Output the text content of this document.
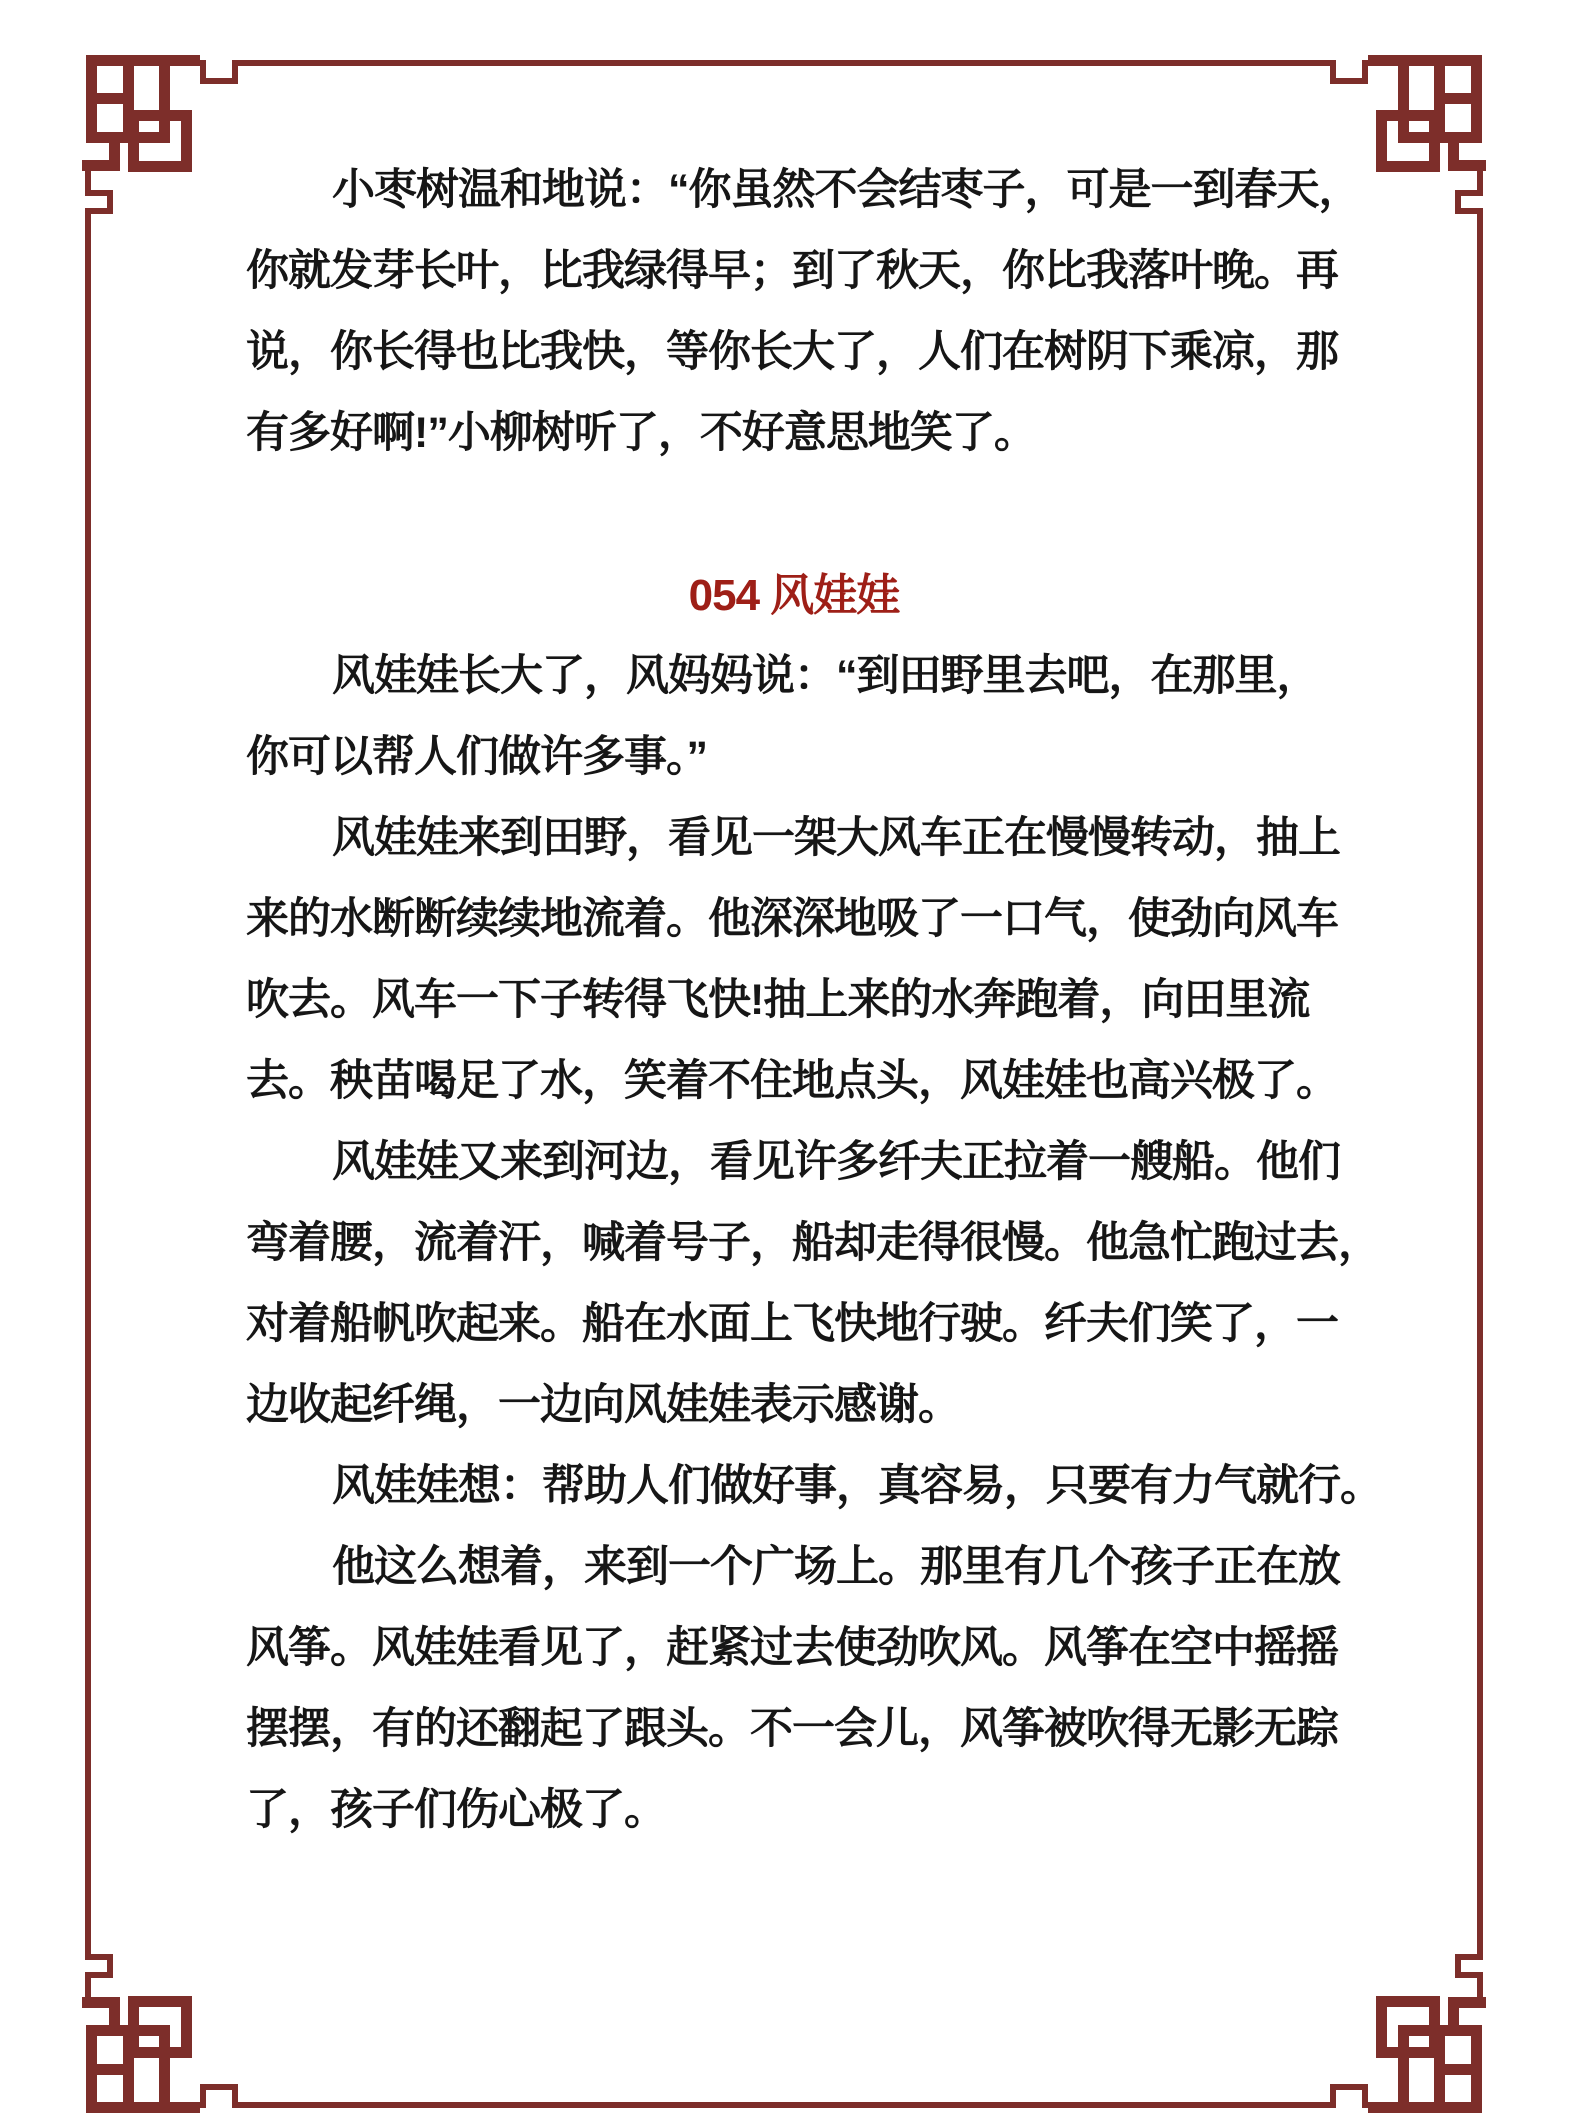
小枣树温和地说：“你虽然不会结枣子，可是一到春天，
你就发芽长叶，比我绿得早；到了秋天，你比我落叶晚。再
说，你长得也比我快，等你长大了，人们在树阴下乘凉，那
有多好啊!”小柳树听了，不好意思地笑了。
054 风娃娃
风娃娃长大了，风妈妈说：“到田野里去吧，在那里，
你可以帮人们做许多事。”
风娃娃来到田野，看见一架大风车正在慢慢转动，抽上
来的水断断续续地流着。他深深地吸了一口气，使劲向风车
吹去。风车一下子转得飞快!抽上来的水奔跑着，向田里流
去。秧苗喝足了水，笑着不住地点头，风娃娃也高兴极了。
风娃娃又来到河边，看见许多纤夫正拉着一艘船。他们
弯着腰，流着汗，喊着号子，船却走得很慢。他急忙跑过去，
对着船帆吹起来。船在水面上飞快地行驶。纤夫们笑了，一
边收起纤绳，一边向风娃娃表示感谢。
风娃娃想：帮助人们做好事，真容易，只要有力气就行。
他这么想着，来到一个广场上。那里有几个孩子正在放
风筝。风娃娃看见了，赶紧过去使劲吹风。风筝在空中摇摇
摆摆，有的还翻起了跟头。不一会儿，风筝被吹得无影无踪
了，孩子们伤心极了。
